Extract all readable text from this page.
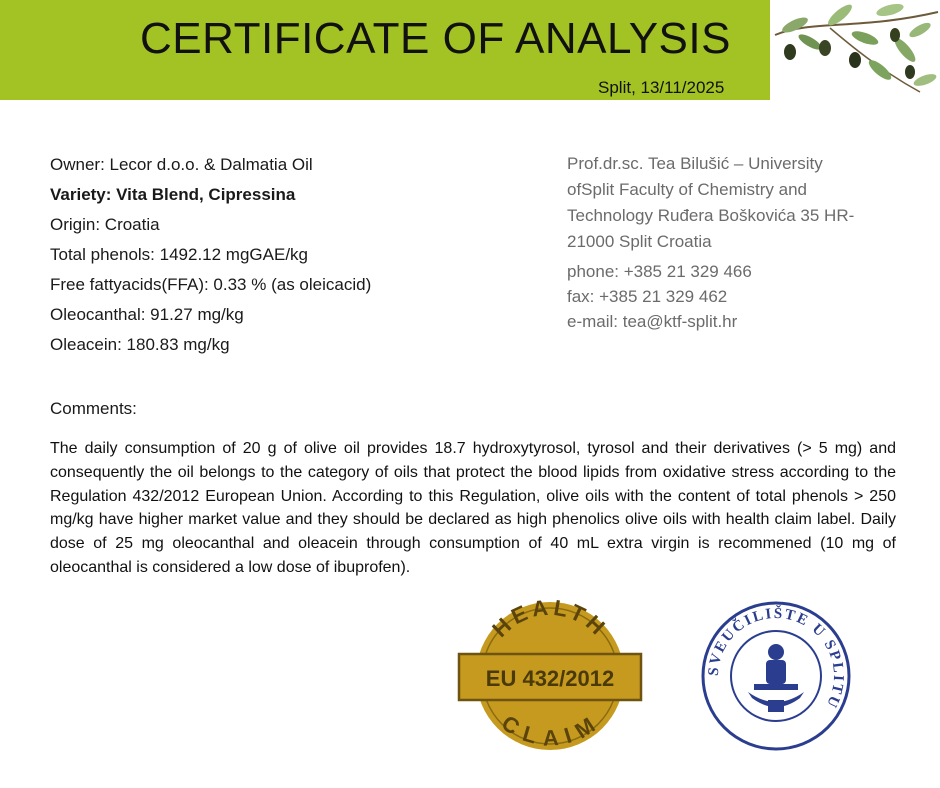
CERTIFICATE OF ANALYSIS
Split, 13/11/2025
Owner: Lecor d.o.o. & Dalmatia Oil
Variety: Vita Blend, Cipressina
Origin: Croatia
Total phenols: 1492.12 mgGAE/kg
Free fattyacids(FFA): 0.33 % (as oleicacid)
Oleocanthal: 91.27 mg/kg
Oleacein: 180.83 mg/kg
Prof.dr.sc. Tea Bilušić – University
ofSplit Faculty of Chemistry and
Technology Ruđera Boškovića 35 HR-
21000 Split Croatia
phone: +385 21 329 466
fax: +385 21 329 462
e-mail: tea@ktf-split.hr
Comments:
The daily consumption of 20 g of olive oil provides 18.7 hydroxytyrosol, tyrosol and their derivatives (> 5 mg) and consequently the oil belongs to the category of oils that protect the blood lipids from oxidative stress according to the Regulation 432/2012 European Union. According to this Regulation, olive oils with the content of total phenols > 250 mg/kg have higher market value and they should be declared as high phenolics olive oils with health claim label. Daily dose of 25 mg oleocanthal and oleacein through consumption of 40 mL extra virgin is recommened (10 mg of oleocanthal is considered a low dose of ibuprofen).
HEALTH
EU 432/2012
CLAIM
SVEUČILIŠTE U SPLITU
